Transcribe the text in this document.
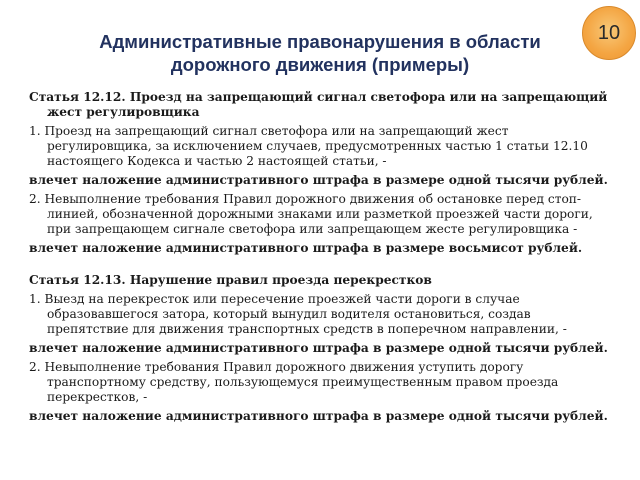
10
Административные правонарушения в области дорожного движения (примеры)

Статья 12.12. Проезд на запрещающий сигнал светофора или на запрещающий жест регулировщика

1. Проезд на запрещающий сигнал светофора или на запрещающий жест регулировщика, за исключением случаев, предусмотренных частью 1 статьи 12.10 настоящего Кодекса и частью 2 настоящей статьи, -

влечет наложение административного штрафа в размере одной тысячи рублей.

2. Невыполнение требования Правил дорожного движения об остановке перед стоп-линией, обозначенной дорожными знаками или разметкой проезжей части дороги, при запрещающем сигнале светофора или запрещающем жесте регулировщика -

влечет наложение административного штрафа в размере восьмисот рублей.

Статья 12.13. Нарушение правил проезда перекрестков

1. Выезд на перекресток или пересечение проезжей части дороги в случае образовавшегося затора, который вынудил водителя остановиться, создав препятствие для движения транспортных средств в поперечном направлении, -

влечет наложение административного штрафа в размере одной тысячи рублей.

2. Невыполнение требования Правил дорожного движения уступить дорогу транспортному средству, пользующемуся преимущественным правом проезда перекрестков, -

влечет наложение административного штрафа в размере одной тысячи рублей.
